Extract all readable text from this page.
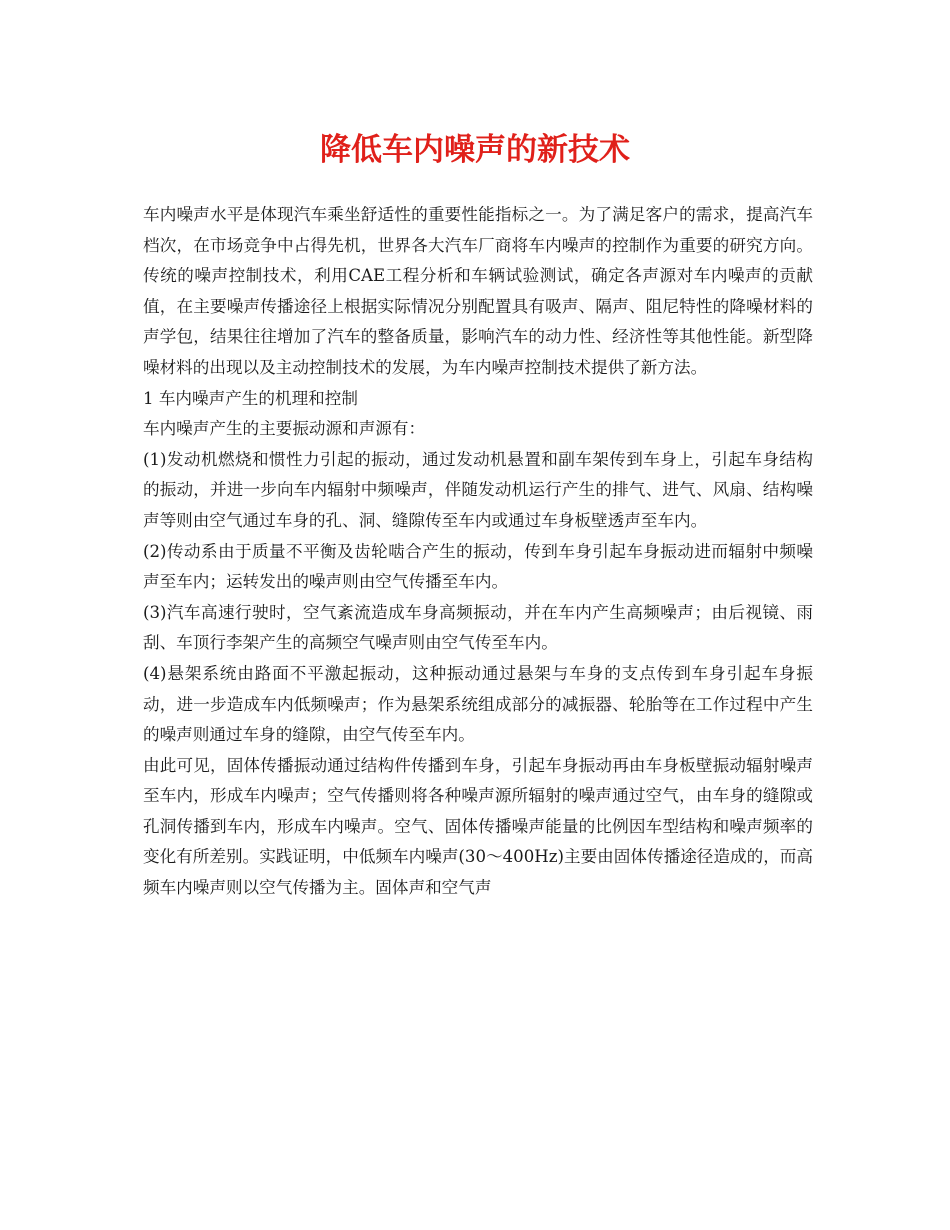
降低车内噪声的新技术

车内噪声水平是体现汽车乘坐舒适性的重要性能指标之一。为了满足客户的需求，提高汽车档次，在市场竞争中占得先机，世界各大汽车厂商将车内噪声的控制作为重要的研究方向。传统的噪声控制技术，利用CAE工程分析和车辆试验测试，确定各声源对车内噪声的贡献值，在主要噪声传播途径上根据实际情况分别配置具有吸声、隔声、阻尼特性的降噪材料的声学包，结果往往增加了汽车的整备质量，影响汽车的动力性、经济性等其他性能。新型降噪材料的出现以及主动控制技术的发展，为车内噪声控制技术提供了新方法。

1 车内噪声产生的机理和控制

车内噪声产生的主要振动源和声源有：

(1)发动机燃烧和惯性力引起的振动，通过发动机悬置和副车架传到车身上，引起车身结构的振动，并进一步向车内辐射中频噪声，伴随发动机运行产生的排气、进气、风扇、结构噪声等则由空气通过车身的孔、洞、缝隙传至车内或通过车身板壁透声至车内。

(2)传动系由于质量不平衡及齿轮啮合产生的振动，传到车身引起车身振动进而辐射中频噪声至车内；运转发出的噪声则由空气传播至车内。

(3)汽车高速行驶时，空气紊流造成车身高频振动，并在车内产生高频噪声；由后视镜、雨刮、车顶行李架产生的高频空气噪声则由空气传至车内。

(4)悬架系统由路面不平激起振动，这种振动通过悬架与车身的支点传到车身引起车身振动，进一步造成车内低频噪声；作为悬架系统组成部分的减振器、轮胎等在工作过程中产生的噪声则通过车身的缝隙，由空气传至车内。

由此可见，固体传播振动通过结构件传播到车身，引起车身振动再由车身板壁振动辐射噪声至车内，形成车内噪声；空气传播则将各种噪声源所辐射的噪声通过空气，由车身的缝隙或孔洞传播到车内，形成车内噪声。空气、固体传播噪声能量的比例因车型结构和噪声频率的变化有所差别。实践证明，中低频车内噪声(30～400Hz)主要由固体传播途径造成的，而高频车内噪声则以空气传播为主。固体声和空气声
